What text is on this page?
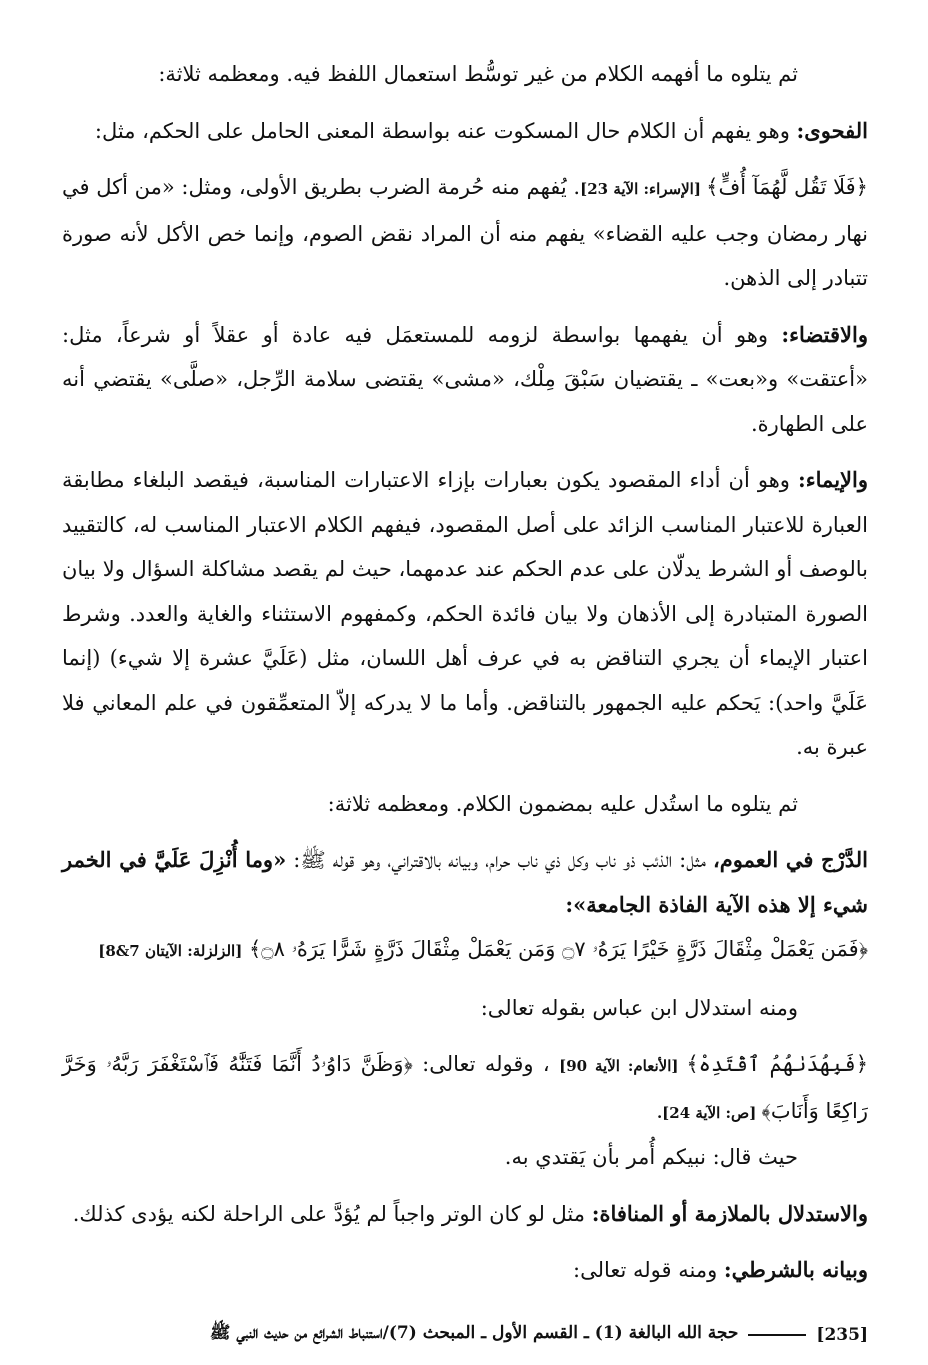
ثم يتلوه ما أفهمه الكلام من غير توسُّط استعمال اللفظ فيه. ومعظمه ثلاثة:

الفحوى: وهو يفهم أن الكلام حال المسكوت عنه بواسطة المعنى الحامل على الحكم، مثل:

﴿فَلَا تَقُل لَّهُمَآ أُفٍّ﴾ [الإسراء: الآية 23]. يُفهم منه حُرمة الضرب بطريق الأولى، ومثل: «من أكل في نهار رمضان وجب عليه القضاء» يفهم منه أن المراد نقض الصوم، وإنما خص الأكل لأنه صورة تتبادر إلى الذهن.

والاقتضاء: وهو أن يفهمها بواسطة لزومه للمستعمَل فيه عادة أو عقلاً أو شرعاً، مثل: «أعتقت» و«بعت» ـ يقتضيان سَبْقَ مِلْك، «مشى» يقتضى سلامة الرِّجل، «صلَّى» يقتضي أنه على الطهارة.

والإيماء: وهو أن أداء المقصود يكون بعبارات بإزاء الاعتبارات المناسبة، فيقصد البلغاء مطابقة العبارة للاعتبار المناسب الزائد على أصل المقصود، فيفهم الكلام الاعتبار المناسب له، كالتقييد بالوصف أو الشرط يدلّان على عدم الحكم عند عدمهما، حيث لم يقصد مشاكلة السؤال ولا بيان الصورة المتبادرة إلى الأذهان ولا بيان فائدة الحكم، وكمفهوم الاستثناء والغاية والعدد. وشرط اعتبار الإيماء أن يجري التناقض به في عرف أهل اللسان، مثل (عَلَيَّ عشرة إلا شيء) (إنما عَلَيَّ واحد): يَحكم عليه الجمهور بالتناقض. وأما ما لا يدركه إلاّ المتعمِّقون في علم المعاني فلا عبرة به.

ثم يتلوه ما استُدل عليه بمضمون الكلام. ومعظمه ثلاثة:

الدَّرْج في العموم، مثل: الذئب ذو ناب وكل ذي ناب حرام، وبيانه بالاقتراني، وهو قوله ﷺ: «وما أُنْزِلَ عَلَيَّ في الخمر شيء إلا هذه الآية الفاذة الجامعة»:

﴿فَمَن يَعْمَلْ مِثْقَالَ ذَرَّةٍ خَيْرًا يَرَهُۥ ۝٧ وَمَن يَعْمَلْ مِثْقَالَ ذَرَّةٍ شَرًّا يَرَهُۥ ۝٨﴾ [الزلزلة: الآيتان 7&8]

ومنه استدلال ابن عباس بقوله تعالى:

﴿فَبِهُدَىٰهُمُ ٱقْتَدِهْ﴾ [الأنعام: الآية 90] ، وقوله تعالى: ﴿وَظَنَّ دَاوُۥدُ أَنَّمَا فَتَنَّٰهُ فَٱسْتَغْفَرَ رَبَّهُۥ وَخَرَّ رَاكِعًا وَأَنَابَ﴾ [ص: الآية 24].

حيث قال: نبيكم أُمر بأن يَقتدي به.

والاستدلال بالملازمة أو المنافاة: مثل لو كان الوتر واجباً لم يُؤدَّ على الراحلة لكنه يؤدى كذلك.

وبيانه بالشرطي: ومنه قوله تعالى:

[235]
حجة الله البالغة (1) ـ القسم الأول ـ المبحث (7)/استنباط الشرائع من حديث النبي ﷺ
